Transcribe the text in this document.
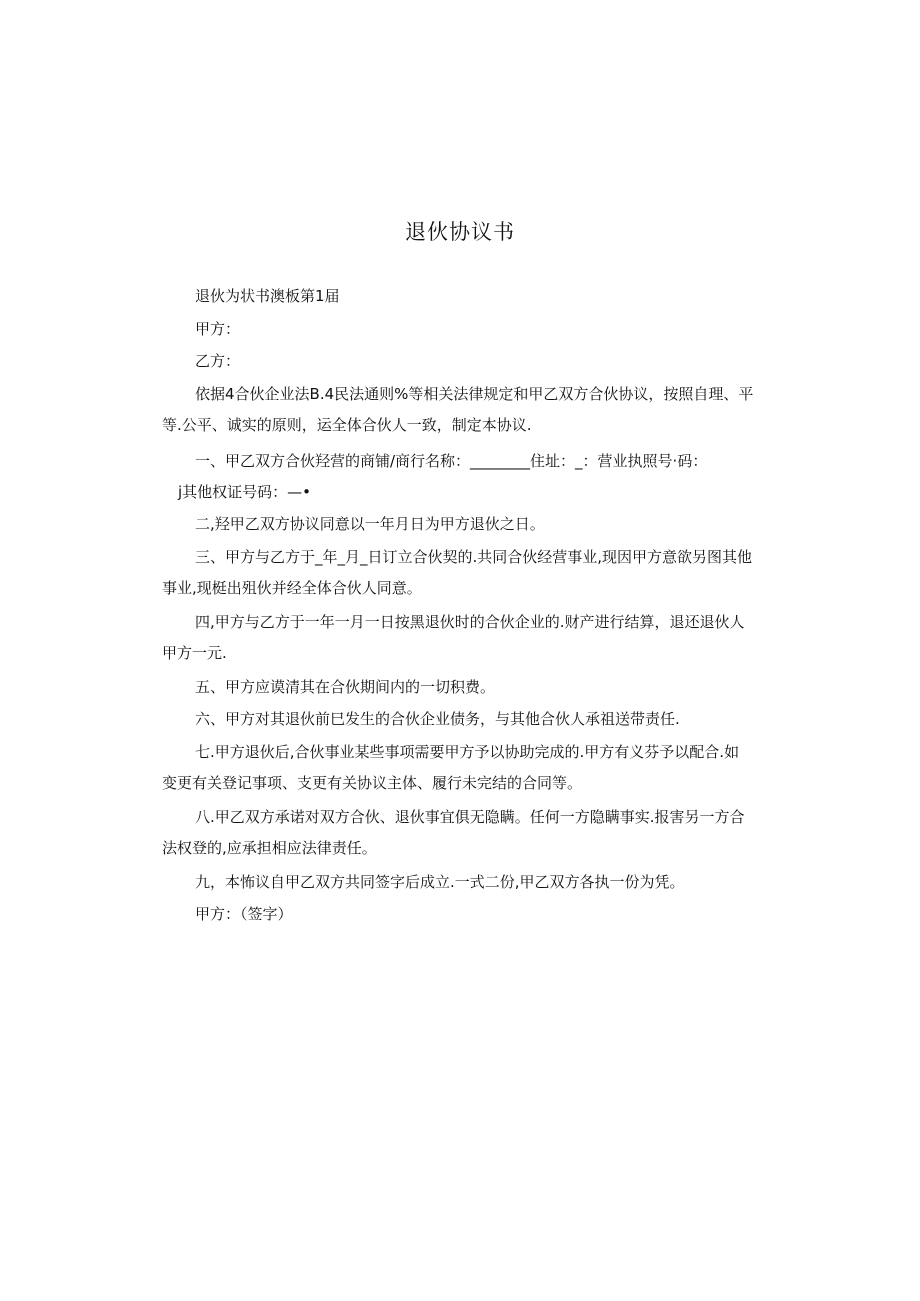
退伙协议书
退伙为状书澳板第1届
甲方：
乙方：
依据4合伙企业法B.4民法通则%等相关法律规定和甲乙双方合伙协议，按照自理、平
等.公平、诚实的原则，运全体合伙人一致，制定本协议.
一、甲乙双方合伙羟营的商铺/商行名称：________住址：_：营业执照号·码：
j其他权证号码：—•
二,羟甲乙双方协议同意以一年月日为甲方退伙之日。
三、甲方与乙方于_年_月_日订立合伙契的.共同合伙经营事业,现因甲方意欲另图其他
事业,现梃出殂伙并经全体合伙人同意。
四,甲方与乙方于一年一月一日按黑退伙时的合伙企业的.财产进行结算，退还退伙人
甲方一元.
五、甲方应谟清其在合伙期间内的一切积费。
六、甲方对其退伙前巳发生的合伙企业债务，与其他合伙人承祖送带责任.
七.甲方退伙后,合伙事业某些事项需要甲方予以协助完成的.甲方有义芬予以配合.如
变更有关登记事项、支更有关协议主体、履行未完结的合同等。
八.甲乙双方承诺对双方合伙、退伙事宜俱无隐瞒。任何一方隐瞒事实.报害另一方合
法权登的,应承担相应法律责任。
九，本怖议自甲乙双方共同签字后成立.一式二份,甲乙双方各执一份为凭。
甲方：（签字）
